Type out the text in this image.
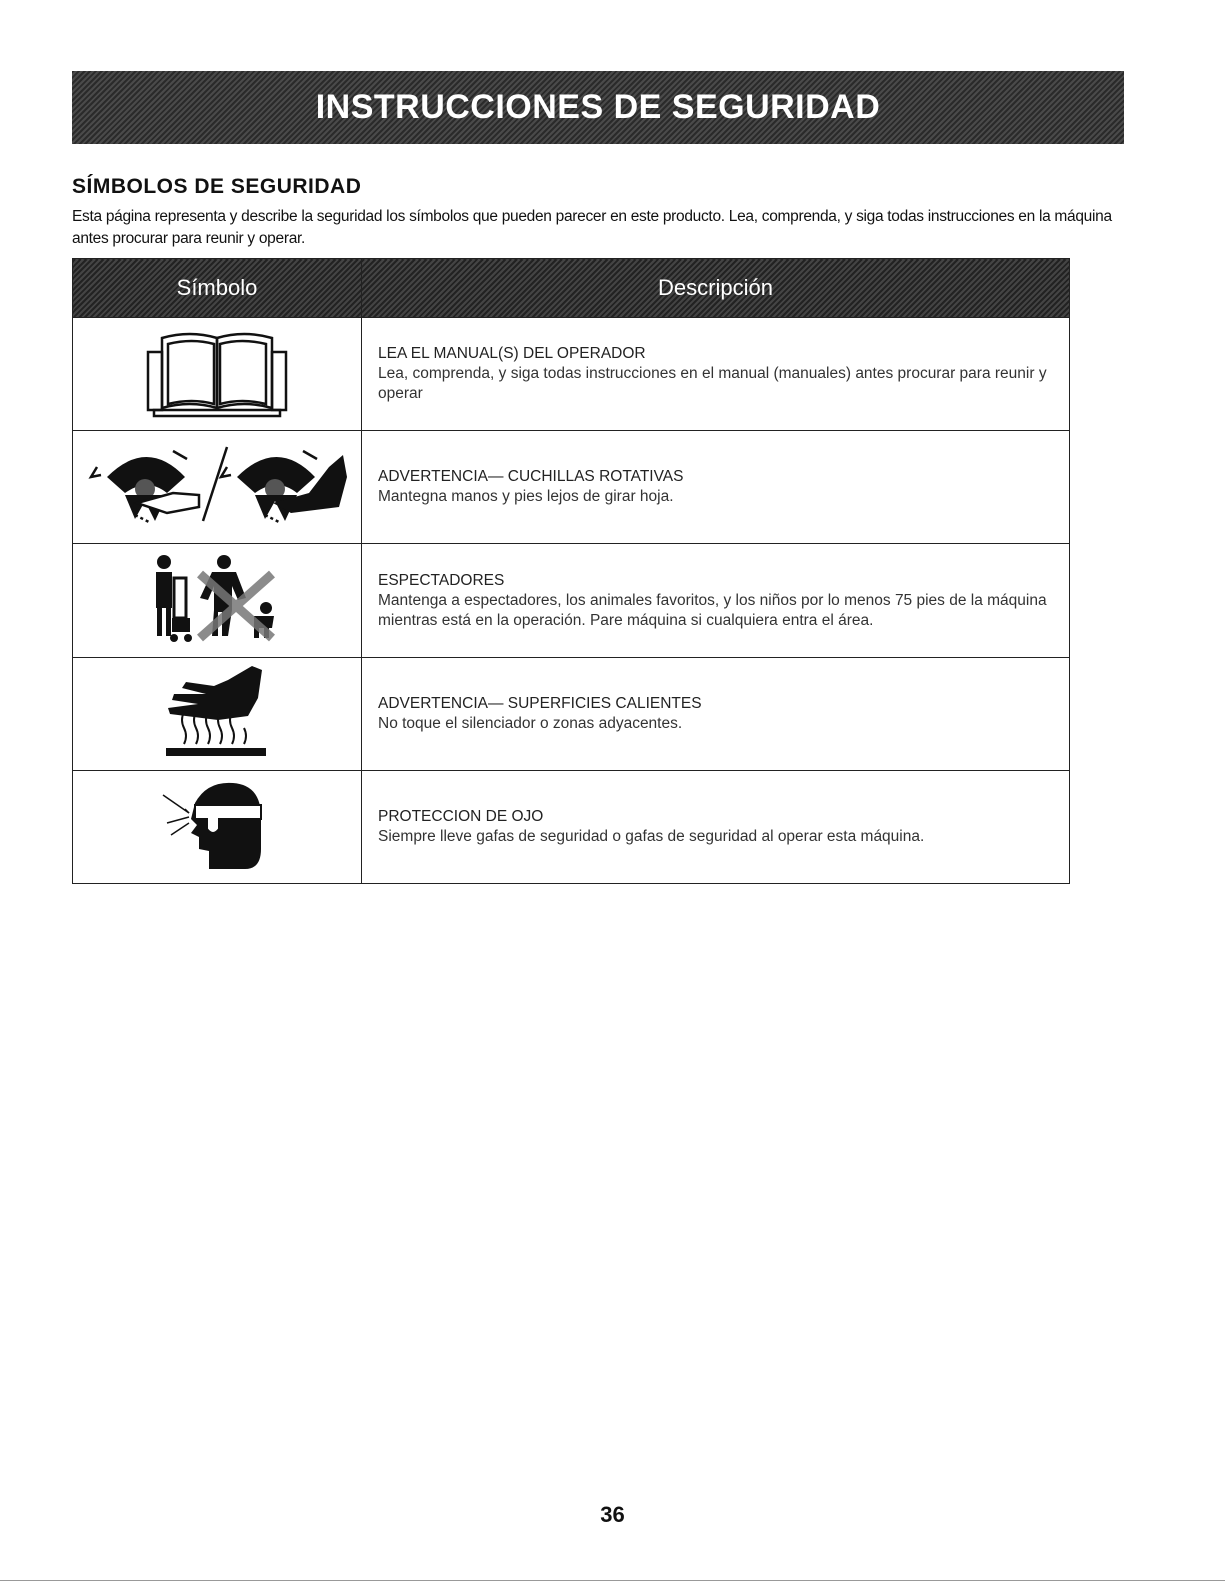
INSTRUCCIONES DE SEGURIDAD
SÍMBOLOS DE SEGURIDAD
Esta página representa y describe la seguridad los símbolos que pueden parecer en este producto. Lea, comprenda, y siga todas instrucciones en la máquina antes procurar para reunir y operar.
Símbolo	Descripción

LEA EL MANUAL(S) DEL OPERADOR
Lea, comprenda, y siga todas instrucciones en el manual (manuales) antes procurar para reunir y operar

ADVERTENCIA— CUCHILLAS ROTATIVAS
Mantegna manos y pies lejos de girar hoja.

ESPECTADORES
Mantenga a espectadores, los animales favoritos, y los niños por lo menos 75 pies de la máquina mientras está en la operación. Pare máquina si cualquiera entra el área.

ADVERTENCIA— SUPERFICIES CALIENTES
No toque el silenciador o zonas adyacentes.

PROTECCION DE OJO
Siempre lleve gafas de seguridad o gafas de seguridad al operar esta máquina.
36
